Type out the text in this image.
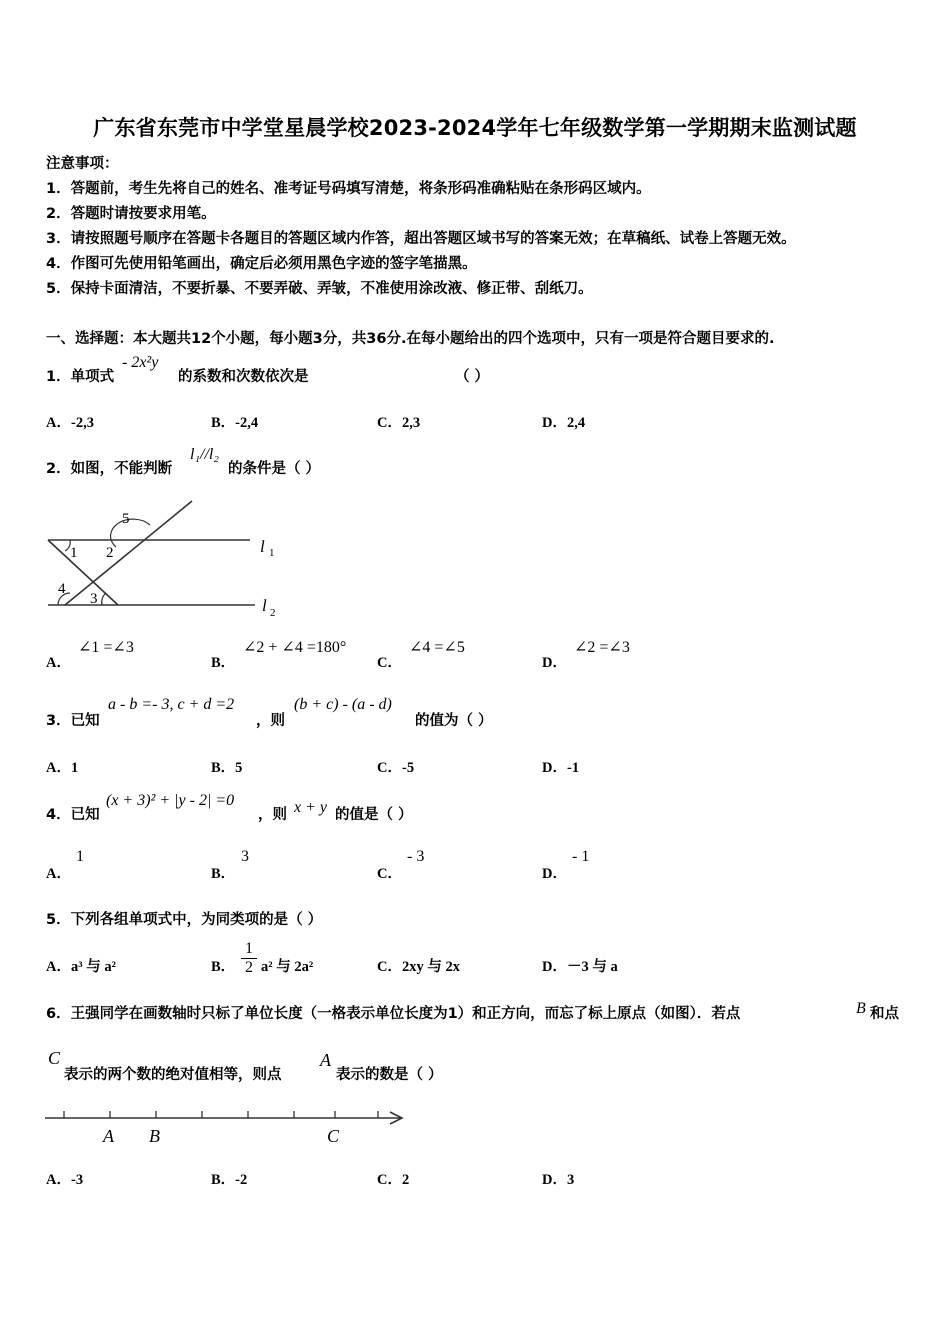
广东省东莞市中学堂星晨学校2023-2024学年七年级数学第一学期期末监测试题
注意事项：
1．答题前，考生先将自己的姓名、准考证号码填写清楚，将条形码准确粘贴在条形码区域内。
2．答题时请按要求用笔。
3．请按照题号顺序在答题卡各题目的答题区域内作答，超出答题区域书写的答案无效；在草稿纸、试卷上答题无效。
4．作图可先使用铅笔画出，确定后必须用黑色字迹的签字笔描黑。
5．保持卡面清洁，不要折暴、不要弄破、弄皱，不准使用涂改液、修正带、刮纸刀。
一、选择题：本大题共12个小题，每小题3分，共36分.在每小题给出的四个选项中，只有一项是符合题目要求的.
1．单项式
- 2x²y
的系数和次数依次是	（ ）
A．-2,3	B．-2,4	C．2,3	D．2,4
2．如图，不能判断
l₁//l₂
的条件是（ ）
5
1 2	l 1
4
3	l 2
A．
∠1 =∠3
B．
∠2 + ∠4 =180°
C．
∠4 =∠5
D．
∠2 =∠3
3．已知
a - b =- 3, c + d =2
，则
(b + c) - (a - d)
的值为（ ）
A．1	B．5	C．-5	D．-1
4．已知
(x + 3)² + |y - 2| =0
，则 x + y 的值是（ ）
A．
1
B．
3
C．
- 3
D．
- 1
5．下列各组单项式中，为同类项的是（ ）
A．a³ 与 a²	B．
1
2 a² 与 2a²	C．2xy 与 2x	D．－3 与 a
6．王强同学在画数轴时只标了单位长度（一格表示单位长度为1）和正方向，而忘了标上原点（如图）．若点	B 和点
C
表示的两个数的绝对值相等，则点
A
表示的数是（ ）
A B	C
A．-3	B．-2	C．2	D．3
